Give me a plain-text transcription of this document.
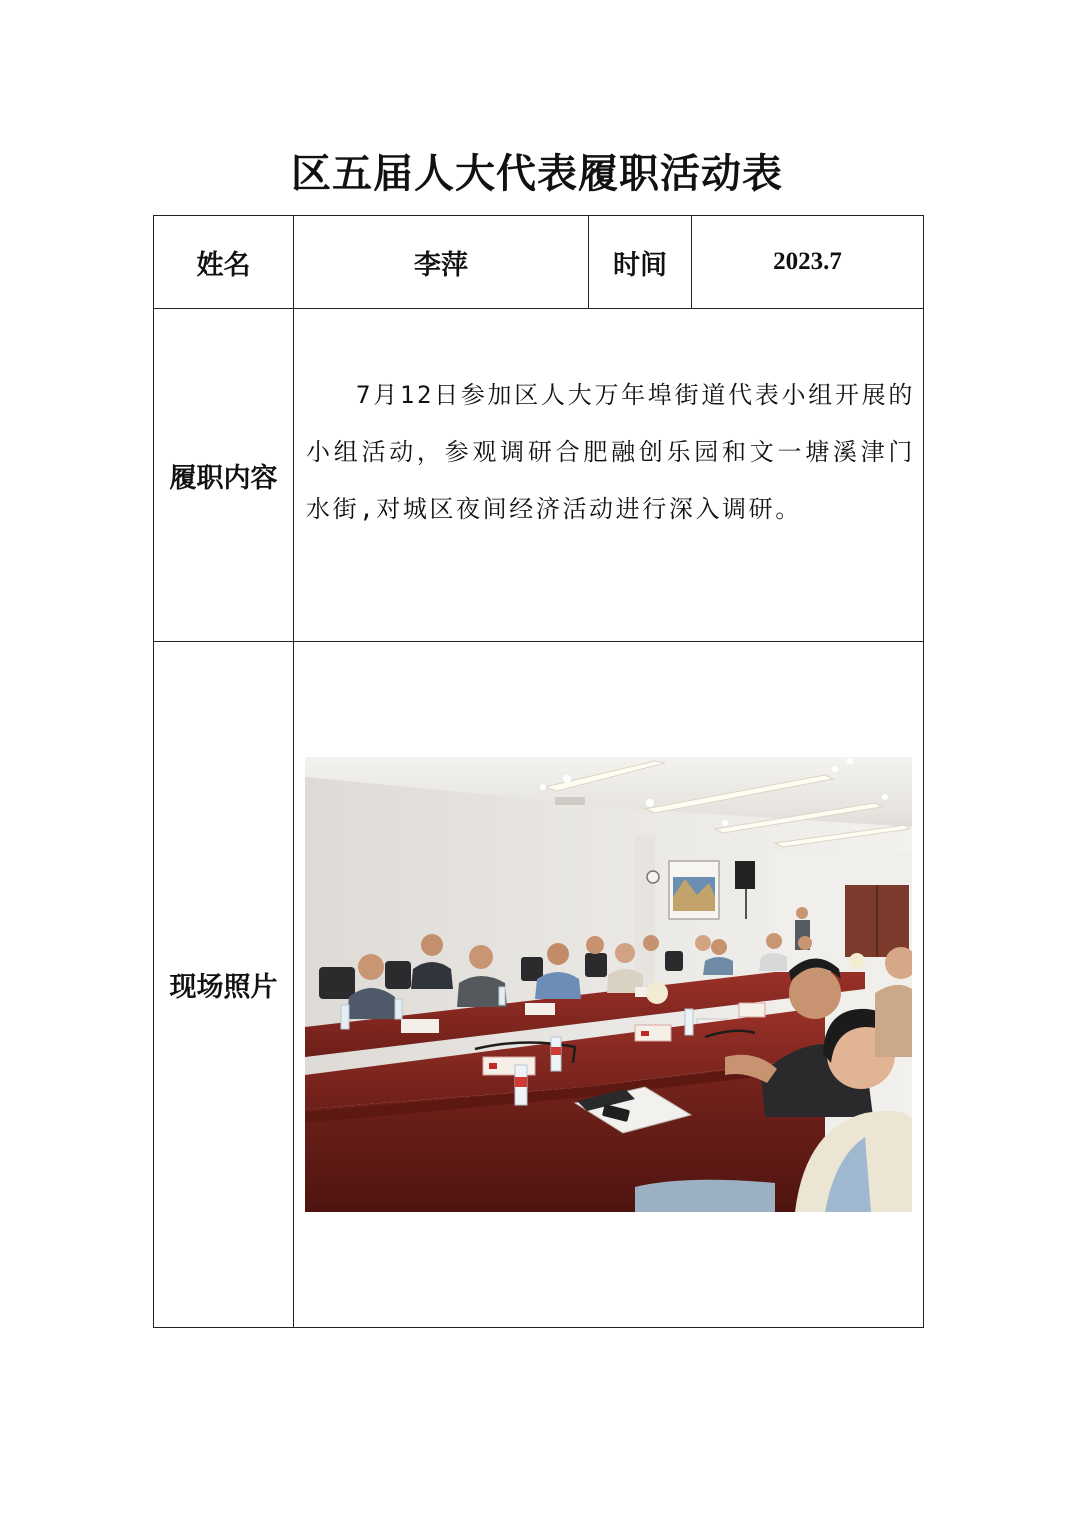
区五届人大代表履职活动表
姓名	李萍	时间	2023.7
履职内容	7月12日参加区人大万年埠街道代表小组开展的小组活动，参观调研合肥融创乐园和文一塘溪津门水街,对城区夜间经济活动进行深入调研。		

现场照片	
